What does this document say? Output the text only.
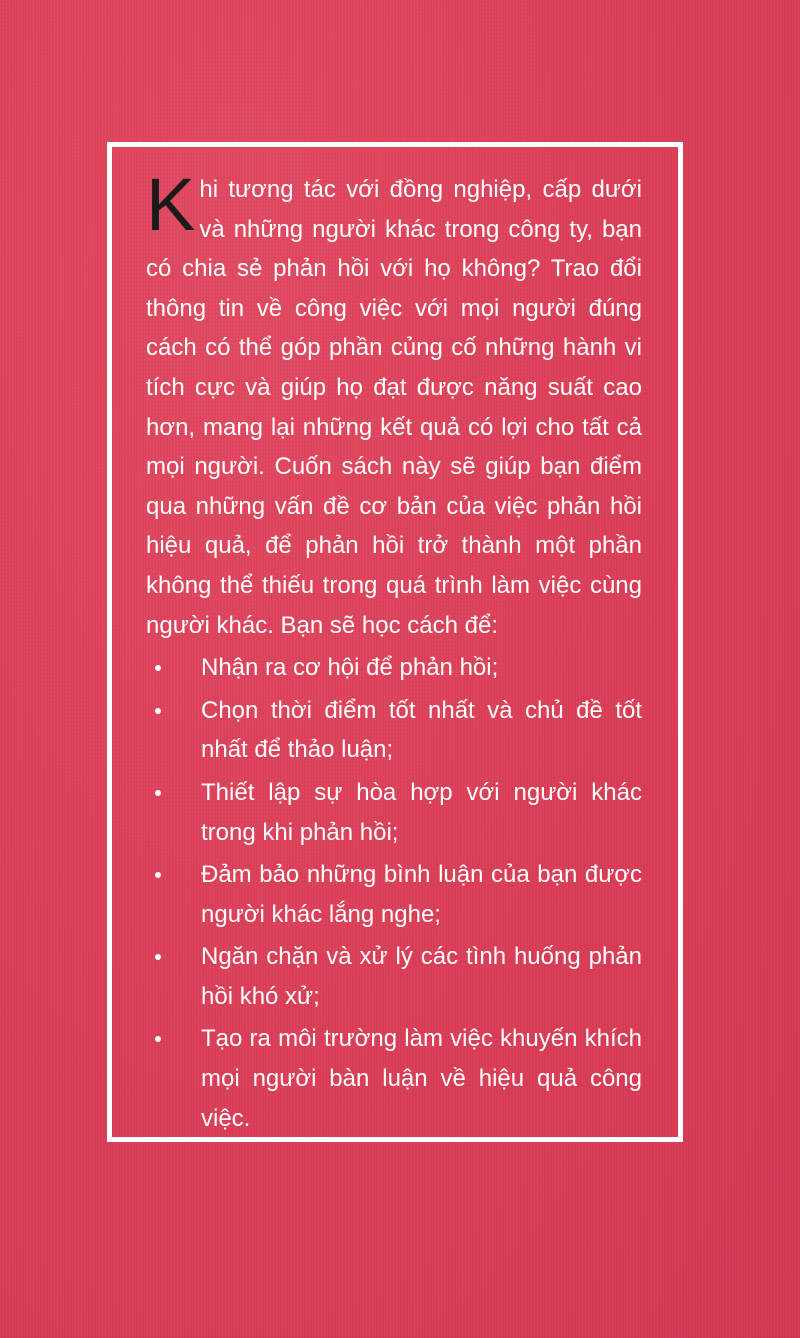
Khi tương tác với đồng nghiệp, cấp dưới và những người khác trong công ty, bạn có chia sẻ phản hồi với họ không? Trao đổi thông tin về công việc với mọi người đúng cách có thể góp phần củng cố những hành vi tích cực và giúp họ đạt được năng suất cao hơn, mang lại những kết quả có lợi cho tất cả mọi người. Cuốn sách này sẽ giúp bạn điểm qua những vấn đề cơ bản của việc phản hồi hiệu quả, để phản hồi trở thành một phần không thể thiếu trong quá trình làm việc cùng người khác. Bạn sẽ học cách để:

Nhận ra cơ hội để phản hồi;
Chọn thời điểm tốt nhất và chủ đề tốt nhất để thảo luận;
Thiết lập sự hòa hợp với người khác trong khi phản hồi;
Đảm bảo những bình luận của bạn được người khác lắng nghe;
Ngăn chặn và xử lý các tình huống phản hồi khó xử;
Tạo ra môi trường làm việc khuyến khích mọi người bàn luận về hiệu quả công việc.
